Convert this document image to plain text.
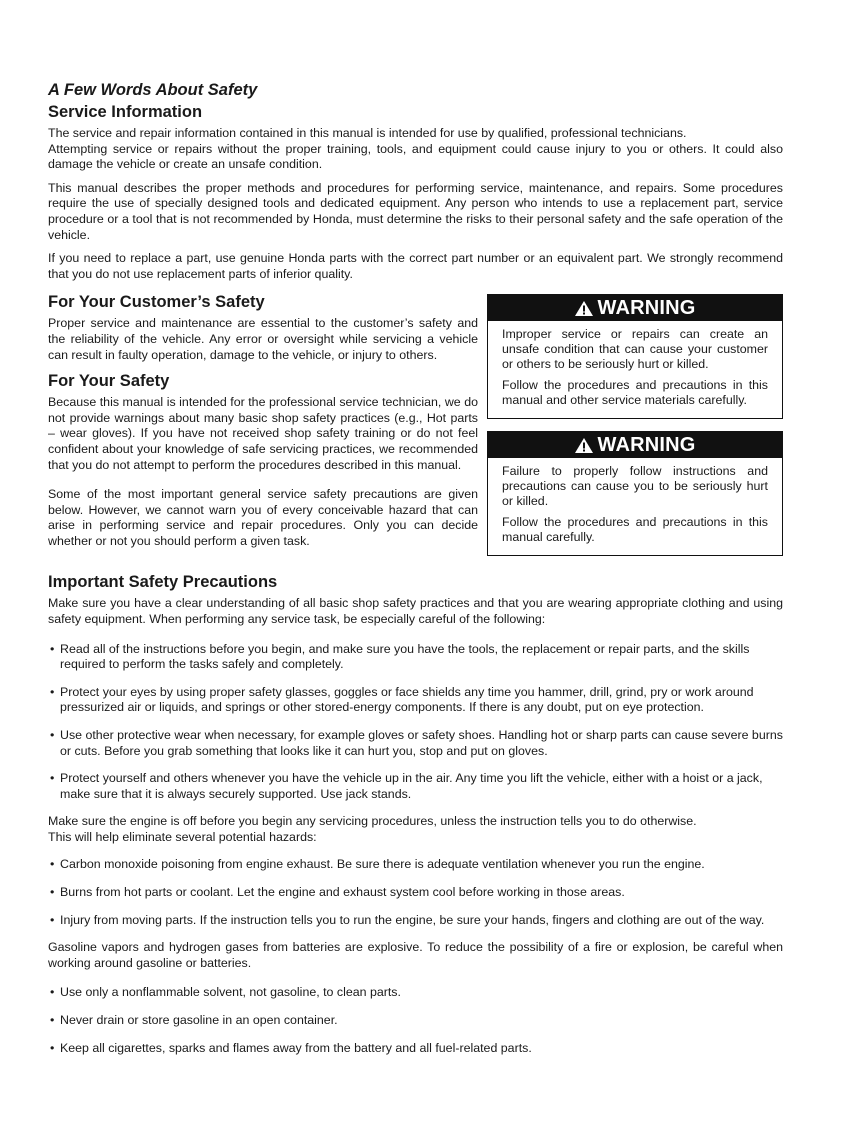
A Few Words About Safety
Service Information

The service and repair information contained in this manual is intended for use by qualified, professional technicians.
Attempting service or repairs without the proper training, tools, and equipment could cause injury to you or others. It could also damage the vehicle or create an unsafe condition.

This manual describes the proper methods and procedures for performing service, maintenance, and repairs. Some procedures require the use of specially designed tools and dedicated equipment. Any person who intends to use a replacement part, service procedure or a tool that is not recommended by Honda, must determine the risks to their personal safety and the safe operation of the vehicle.

If you need to replace a part, use genuine Honda parts with the correct part number or an equivalent part. We strongly recommend that you do not use replacement parts of inferior quality.

For Your Customer’s Safety

Proper service and maintenance are essential to the customer’s safety and the reliability of the vehicle. Any error or oversight while servicing a vehicle can result in faulty operation, damage to the vehicle, or injury to others.

For Your Safety

Because this manual is intended for the professional service technician, we do not provide warnings about many basic shop safety practices (e.g., Hot parts – wear gloves). If you have not received shop safety training or do not feel confident about your knowledge of safe servicing practices, we recommended that you do not attempt to perform the procedures described in this manual.

Some of the most important general service safety precautions are given below. However, we cannot warn you of every conceivable hazard that can arise in performing service and repair procedures. Only you can decide whether or not you should perform a given task.

WARNING

Improper service or repairs can create an unsafe condition that can cause your customer or others to be seriously hurt or killed.

Follow the procedures and precautions in this manual and other service materials carefully.

WARNING

Failure to properly follow instructions and precautions can cause you to be seriously hurt or killed.

Follow the procedures and precautions in this manual carefully.

Important Safety Precautions

Make sure you have a clear understanding of all basic shop safety practices and that you are wearing appropriate clothing and using safety equipment. When performing any service task, be especially careful of the following:

• Read all of the instructions before you begin, and make sure you have the tools, the replacement or repair parts, and the skills required to perform the tasks safely and completely.
• Protect your eyes by using proper safety glasses, goggles or face shields any time you hammer, drill, grind, pry or work around pressurized air or liquids, and springs or other stored-energy components. If there is any doubt, put on eye protection.
• Use other protective wear when necessary, for example gloves or safety shoes. Handling hot or sharp parts can cause severe burns or cuts. Before you grab something that looks like it can hurt you, stop and put on gloves.
• Protect yourself and others whenever you have the vehicle up in the air. Any time you lift the vehicle, either with a hoist or a jack, make sure that it is always securely supported. Use jack stands.

Make sure the engine is off before you begin any servicing procedures, unless the instruction tells you to do otherwise.
This will help eliminate several potential hazards:

• Carbon monoxide poisoning from engine exhaust. Be sure there is adequate ventilation whenever you run the engine.
• Burns from hot parts or coolant. Let the engine and exhaust system cool before working in those areas.
• Injury from moving parts. If the instruction tells you to run the engine, be sure your hands, fingers and clothing are out of the way.

Gasoline vapors and hydrogen gases from batteries are explosive. To reduce the possibility of a fire or explosion, be careful when working around gasoline or batteries.

• Use only a nonflammable solvent, not gasoline, to clean parts.
• Never drain or store gasoline in an open container.
• Keep all cigarettes, sparks and flames away from the battery and all fuel-related parts.
